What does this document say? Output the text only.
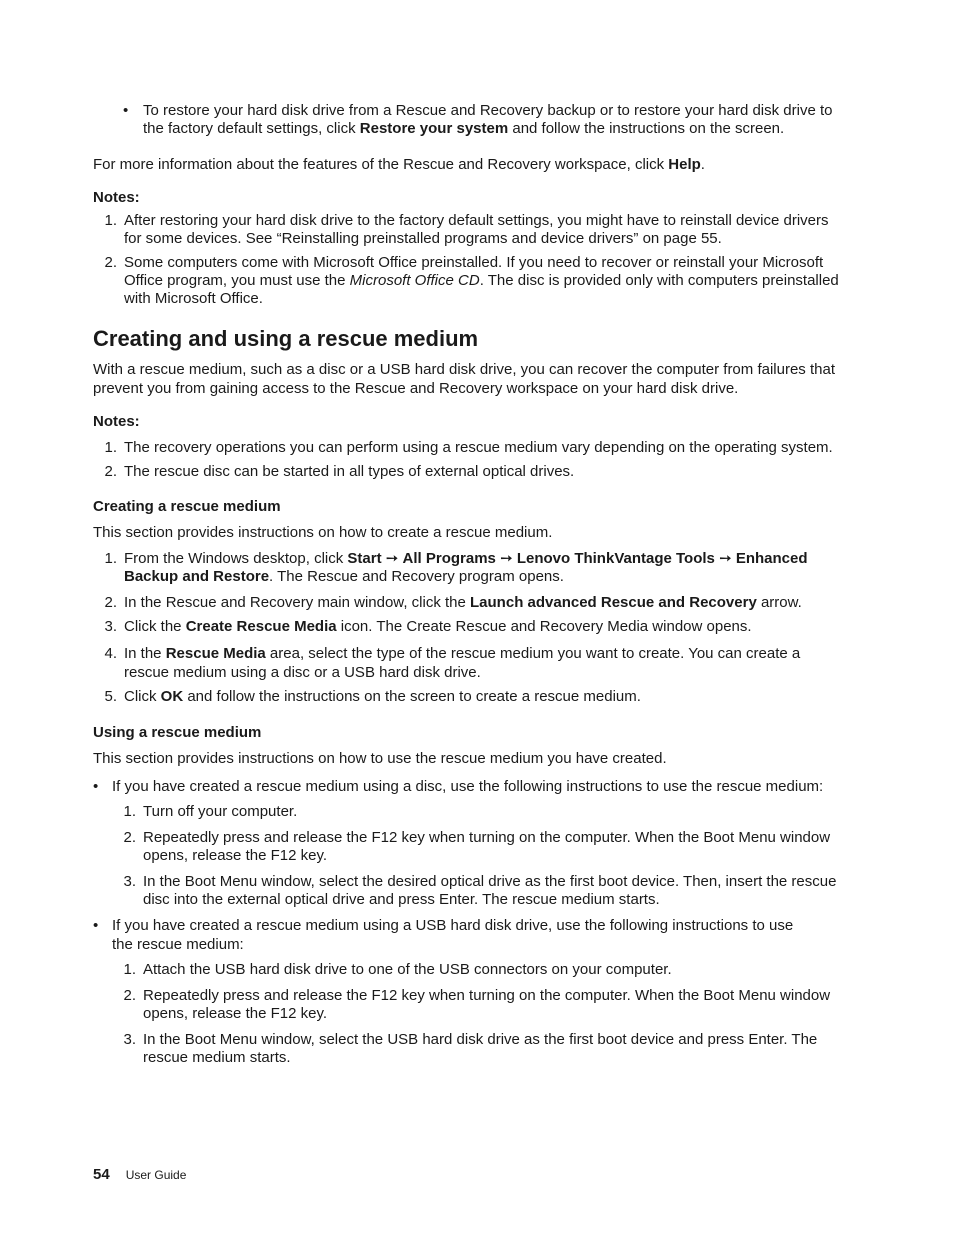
• To restore your hard disk drive from a Rescue and Recovery backup or to restore your hard disk drive to the factory default settings, click Restore your system and follow the instructions on the screen.

For more information about the features of the Rescue and Recovery workspace, click Help.

Notes:

1. After restoring your hard disk drive to the factory default settings, you might have to reinstall device drivers for some devices. See “Reinstalling preinstalled programs and device drivers” on page 55.
2. Some computers come with Microsoft Office preinstalled. If you need to recover or reinstall your Microsoft Office program, you must use the Microsoft Office CD. The disc is provided only with computers preinstalled with Microsoft Office.

Creating and using a rescue medium

With a rescue medium, such as a disc or a USB hard disk drive, you can recover the computer from failures that prevent you from gaining access to the Rescue and Recovery workspace on your hard disk drive.

Notes:

1. The recovery operations you can perform using a rescue medium vary depending on the operating system.
2. The rescue disc can be started in all types of external optical drives.

Creating a rescue medium

This section provides instructions on how to create a rescue medium.

1. From the Windows desktop, click Start ➙ All Programs ➙ Lenovo ThinkVantage Tools ➙ Enhanced Backup and Restore. The Rescue and Recovery program opens.
2. In the Rescue and Recovery main window, click the Launch advanced Rescue and Recovery arrow.
3. Click the Create Rescue Media icon. The Create Rescue and Recovery Media window opens.
4. In the Rescue Media area, select the type of the rescue medium you want to create. You can create a rescue medium using a disc or a USB hard disk drive.
5. Click OK and follow the instructions on the screen to create a rescue medium.

Using a rescue medium

This section provides instructions on how to use the rescue medium you have created.

• If you have created a rescue medium using a disc, use the following instructions to use the rescue medium:
1. Turn off your computer.
2. Repeatedly press and release the F12 key when turning on the computer. When the Boot Menu window opens, release the F12 key.
3. In the Boot Menu window, select the desired optical drive as the first boot device. Then, insert the rescue disc into the external optical drive and press Enter. The rescue medium starts.
• If you have created a rescue medium using a USB hard disk drive, use the following instructions to use the rescue medium:
1. Attach the USB hard disk drive to one of the USB connectors on your computer.
2. Repeatedly press and release the F12 key when turning on the computer. When the Boot Menu window opens, release the F12 key.
3. In the Boot Menu window, select the USB hard disk drive as the first boot device and press Enter. The rescue medium starts.
54 User Guide
